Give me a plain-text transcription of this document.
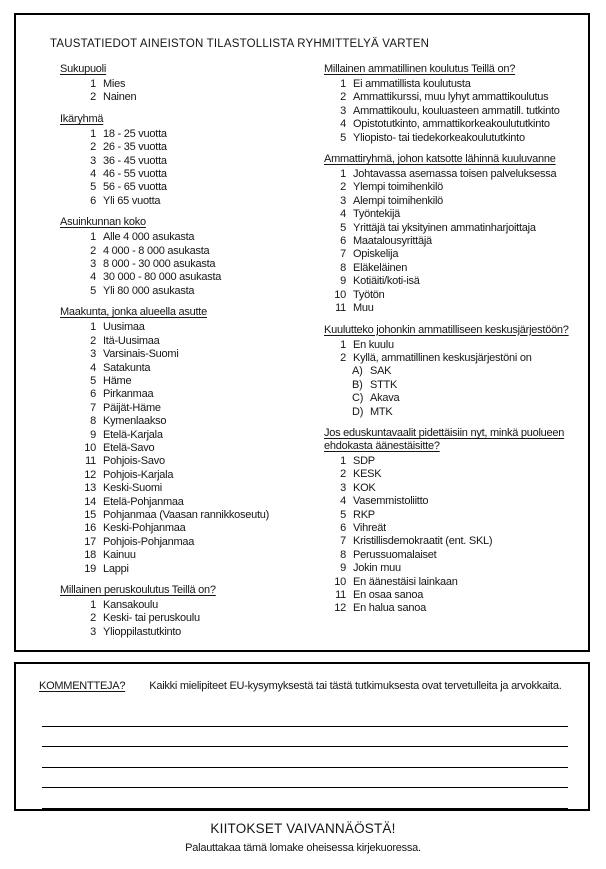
TAUSTATIEDOT AINEISTON TILASTOLLISTA RYHMITTELYÄ VARTEN
Sukupuoli
1 Mies
2 Nainen
Ikäryhmä
1 18 - 25 vuotta
2 26 - 35 vuotta
3 36 - 45 vuotta
4 46 - 55 vuotta
5 56 - 65 vuotta
6 Yli 65 vuotta
Asuinkunnan koko
1 Alle 4 000 asukasta
2 4 000 - 8 000 asukasta
3 8 000 - 30 000 asukasta
4 30 000 - 80 000 asukasta
5 Yli 80 000 asukasta
Maakunta, jonka alueella asutte
1 Uusimaa
2 Itä-Uusimaa
3 Varsinais-Suomi
4 Satakunta
5 Häme
6 Pirkanmaa
7 Päijät-Häme
8 Kymenlaakso
9 Etelä-Karjala
10 Etelä-Savo
11 Pohjois-Savo
12 Pohjois-Karjala
13 Keski-Suomi
14 Etelä-Pohjanmaa
15 Pohjanmaa (Vaasan rannikkoseutu)
16 Keski-Pohjanmaa
17 Pohjois-Pohjanmaa
18 Kainuu
19 Lappi
Millainen peruskoulutus Teillä on?
1 Kansakoulu
2 Keski- tai peruskoulu
3 Ylioppilastutkinto
Millainen ammatillinen koulutus Teillä on?
1 Ei ammatillista koulutusta
2 Ammattikurssi, muu lyhyt ammattikoulutus
3 Ammattikoulu, kouluasteen ammatill. tutkinto
4 Opistotutkinto, ammattikorkeakoulututkinto
5 Yliopisto- tai tiedekorkeakoulututkinto
Ammattiryhmä, johon katsotte lähinnä kuuluvanne
1 Johtavassa asemassa toisen palveluksessa
2 Ylempi toimihenkilö
3 Alempi toimihenkilö
4 Työntekijä
5 Yrittäjä tai yksityinen ammatinharjoittaja
6 Maatalousyrittäjä
7 Opiskelija
8 Eläkeläinen
9 Kotiäiti/koti-isä
10 Työtön
11 Muu
Kuulutteko johonkin ammatilliseen keskusjärjestöön?
1 En kuulu
2 Kyllä, ammatillinen keskusjärjestöni on
A) SAK
B) STTK
C) Akava
D) MTK
Jos eduskuntavaalit pidettäisiin nyt, minkä puolueen ehdokasta äänestäisitte?
1 SDP
2 KESK
3 KOK
4 Vasemmistoliitto
5 RKP
6 Vihreät
7 Kristillisdemokraatit (ent. SKL)
8 Perussuomalaiset
9 Jokin muu
10 En äänestäisi lainkaan
11 En osaa sanoa
12 En halua sanoa
KOMMENTTEJA? Kaikki mielipiteet EU-kysymyksestä tai tästä tutkimuksesta ovat tervetulleita ja arvokkaita.
KIITOKSET VAIVANNÄÖSTÄ!
Palauttakaa tämä lomake oheisessa kirjekuoressa.
